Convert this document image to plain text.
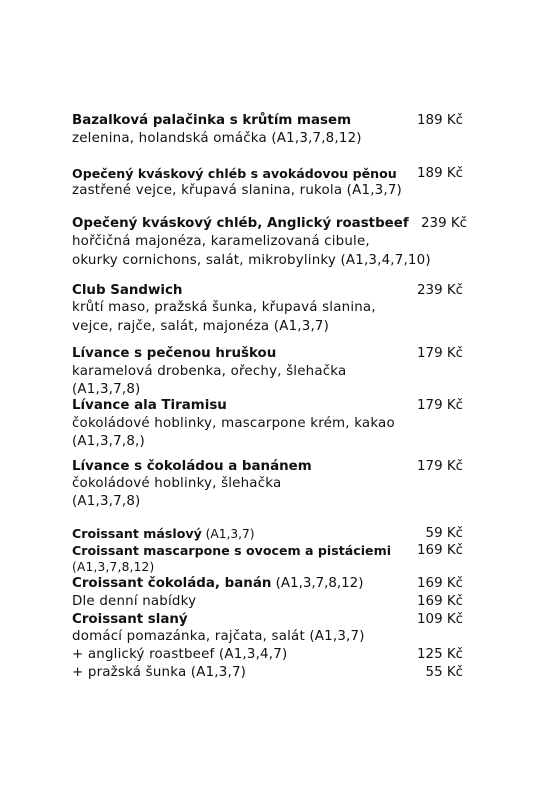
Bazalková palačinka s krůtím masem	189 Kč
zelenina, holandská omáčka (A1,3,7,8,12)
Opečený kváskový chléb s avokádovou pěnou	189 Kč
zastřené vejce, křupavá slanina, rukola (A1,3,7)
Opečený kváskový chléb, Anglický roastbeef 239 Kč
hořčičná majonéza, karamelizovaná cibule,
okurky cornichons, salát, mikrobylinky (A1,3,4,7,10)
Club Sandwich	239 Kč
krůtí maso, pražská šunka, křupavá slanina,
vejce, rajče, salát, majonéza (A1,3,7)
Lívance s pečenou hruškou	179 Kč
karamelová drobenka, ořechy, šlehačka
(A1,3,7,8)
Lívance ala Tiramisu	179 Kč
čokoládové hoblinky, mascarpone krém, kakao
(A1,3,7,8,)
Lívance s čokoládou a banánem	179 Kč
čokoládové hoblinky, šlehačka
(A1,3,7,8)
Croissant máslový (A1,3,7)	59 Kč
Croissant mascarpone s ovocem a pistáciemi	169 Kč
(A1,3,7,8,12)
Croissant čokoláda, banán (A1,3,7,8,12)	169 Kč
Dle denní nabídky	169 Kč
Croissant slaný	109 Kč
domácí pomazánka, rajčata, salát (A1,3,7)
+ anglický roastbeef (A1,3,4,7)	125 Kč
+ pražská šunka (A1,3,7)	55 Kč
